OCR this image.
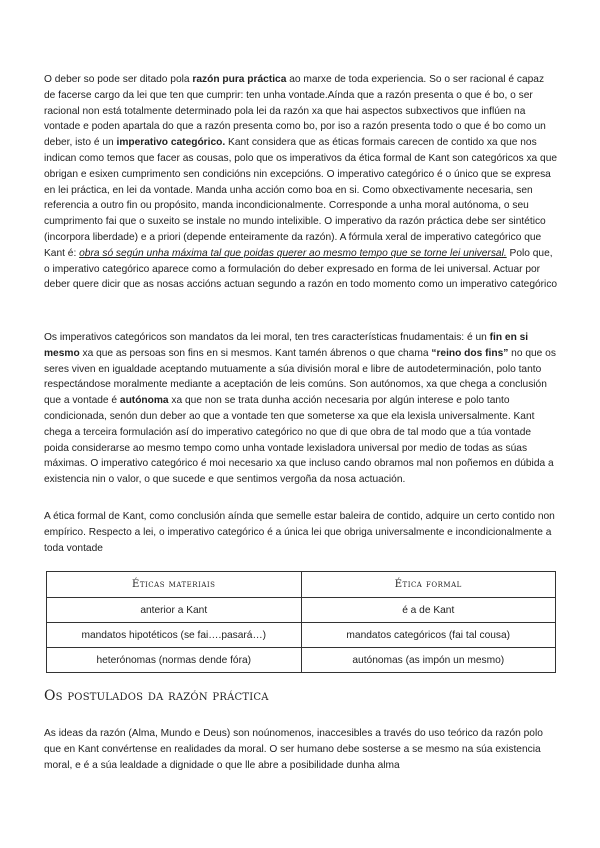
O deber so pode ser ditado pola razón pura práctica ao marxe de toda experiencia. So o ser racional é capaz de facerse cargo da lei que ten que cumprir: ten unha vontade.Aínda que a razón presenta o que é bo, o ser racional non está totalmente determinado pola lei da razón xa que hai aspectos subxectivos que inflúen na vontade e poden apartala do que a razón presenta como bo, por iso a razón presenta todo o que é bo como un deber, isto é un imperativo categórico. Kant considera que as éticas formais carecen de contido xa que nos indican como temos que facer as cousas, polo que os imperativos da ética formal de Kant son categóricos xa que obrigan e esixen cumprimento sen condicións nin excepcións. O imperativo categórico é o único que se expresa en lei práctica, en lei da vontade. Manda unha acción como boa en si. Como obxectivamente necesaria, sen referencia a outro fin ou propósito, manda incondicionalmente. Corresponde a unha moral autónoma, o seu cumprimento fai que o suxeito se instale no mundo intelixible. O imperativo da razón práctica debe ser sintético (incorpora liberdade) e a priori (depende enteiramente da razón). A fórmula xeral de imperativo categórico que Kant é: obra só según unha máxima tal que poidas querer ao mesmo tempo que se torne lei universal. Polo que, o imperativo categórico aparece como a formulación do deber expresado en forma de lei universal. Actuar por deber quere dicir que as nosas accións actuan segundo a razón en todo momento como un imperativo categórico

Os imperativos categóricos son mandatos da lei moral, ten tres características fnudamentais: é un fin en si mesmo xa que as persoas son fins en si mesmos. Kant tamén ábrenos o que chama “reino dos fins” no que os seres viven en igualdade aceptando mutuamente a súa división moral e libre de autodeterminación, polo tanto respectándose moralmente mediante a aceptación de leis comúns. Son autónomos, xa que chega a conclusión que a vontade é autónoma xa que non se trata dunha acción necesaria por algún interese e polo tanto condicionada, senón dun deber ao que a vontade ten que someterse xa que ela lexisla universalmente. Kant chega a terceira formulación así do imperativo categórico no que di que obra de tal modo que a túa vontade poida considerarse ao mesmo tempo como unha vontade lexisladora universal por medio de todas as súas máximas. O imperativo categórico é moi necesario xa que incluso cando obramos mal non poñemos en dúbida a existencia nin o valor, o que sucede e que sentimos vergoña da nosa actuación.

A ética formal de Kant, como conclusión aínda que semelle estar baleira de contido, adquire un certo contido non empírico. Respecto a lei, o imperativo categórico é a única lei que obriga universalmente e incondicionalmente a toda vontade

Éticas materiais	Ética formal
anterior a Kant	é a de Kant
mandatos hipotéticos (se fai….pasará…)	mandatos categóricos (fai tal cousa)
heterónomas (normas dende fóra)	autónomas (as impón un mesmo)
Os postulados da razón práctica

As ideas da razón (Alma, Mundo e Deus) son noúnomenos, inaccesibles a través do uso teórico da razón polo que en Kant convértense en realidades da moral. O ser humano debe sosterse a se mesmo na súa existencia moral, e é a súa lealdade a dignidade o que lle abre a posibilidade dunha alma
